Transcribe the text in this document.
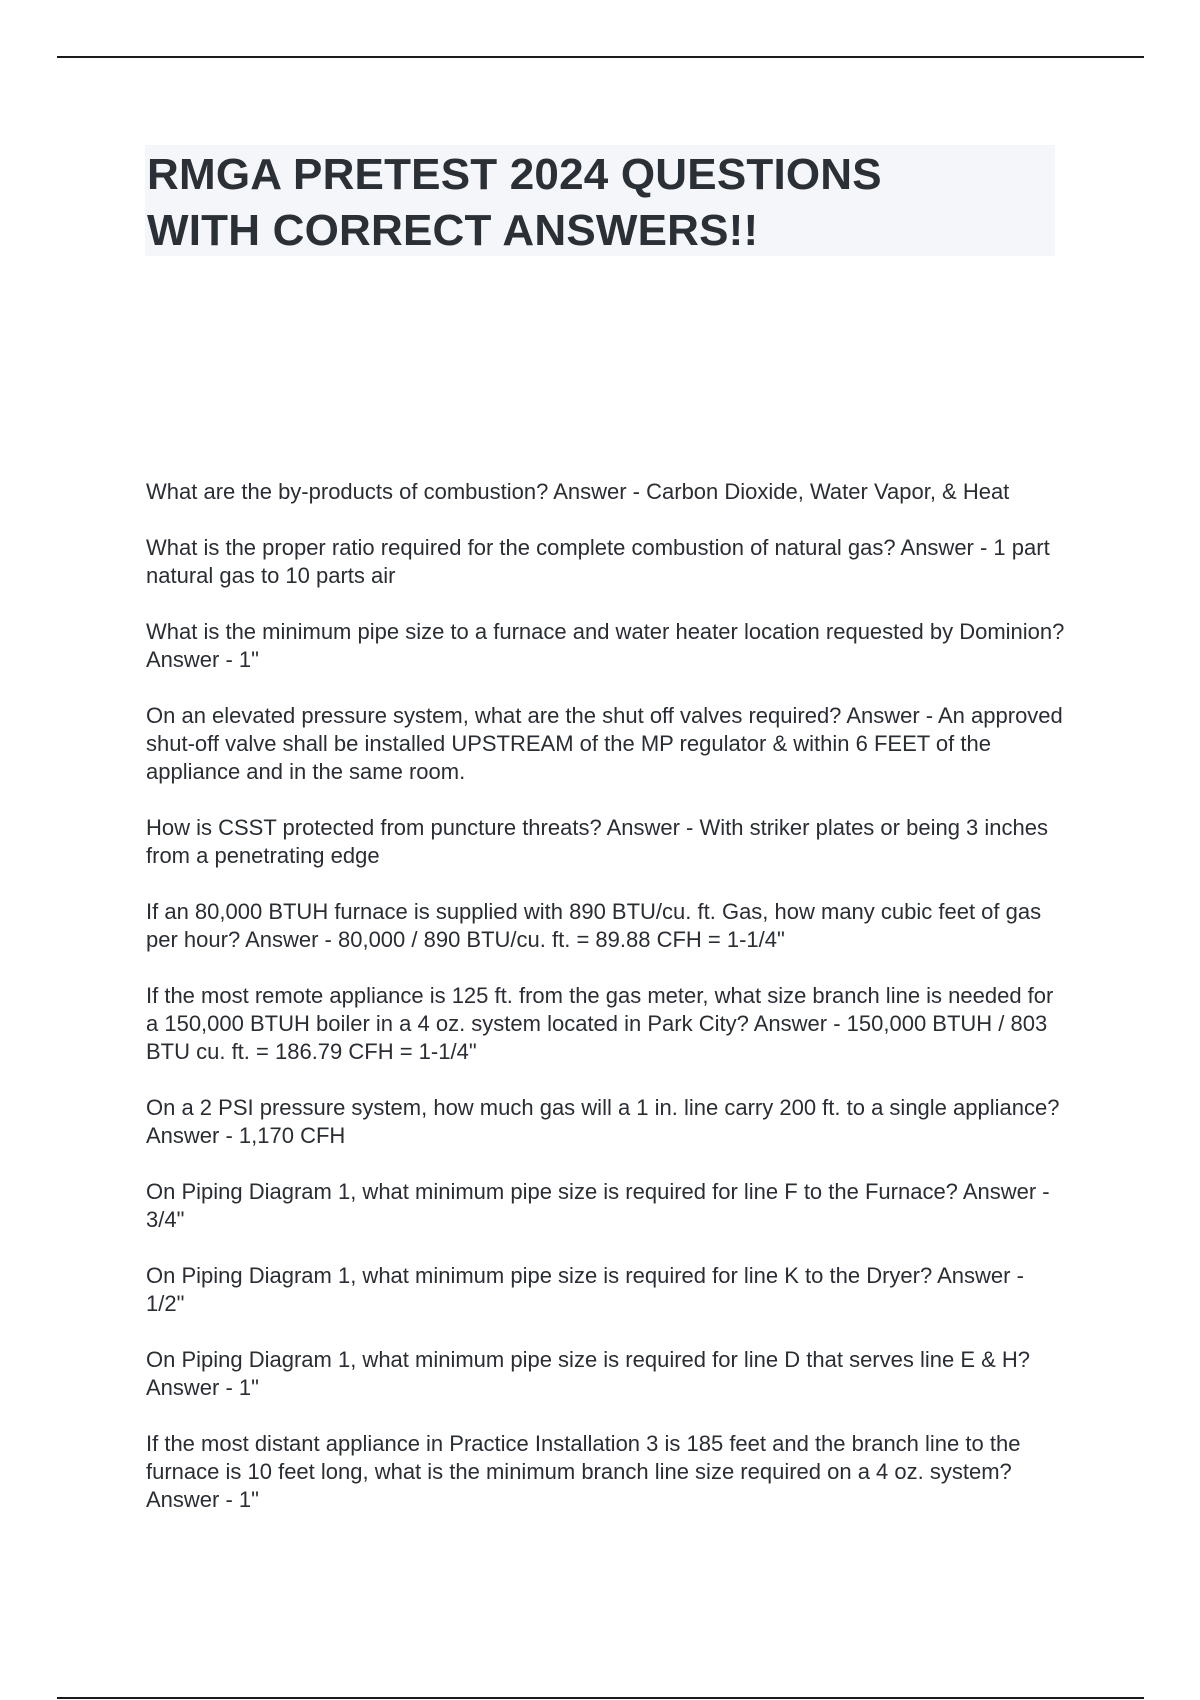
RMGA PRETEST 2024 QUESTIONS
WITH CORRECT ANSWERS!!

What are the by-products of combustion? Answer - Carbon Dioxide, Water Vapor, & Heat

What is the proper ratio required for the complete combustion of natural gas? Answer - 1 part natural gas to 10 parts air

What is the minimum pipe size to a furnace and water heater location requested by Dominion? Answer - 1"

On an elevated pressure system, what are the shut off valves required? Answer - An approved shut-off valve shall be installed UPSTREAM of the MP regulator & within 6 FEET of the appliance and in the same room.

How is CSST protected from puncture threats? Answer - With striker plates or being 3 inches from a penetrating edge

If an 80,000 BTUH furnace is supplied with 890 BTU/cu. ft. Gas, how many cubic feet of gas per hour? Answer - 80,000 / 890 BTU/cu. ft. = 89.88 CFH = 1-1/4"

If the most remote appliance is 125 ft. from the gas meter, what size branch line is needed for a 150,000 BTUH boiler in a 4 oz. system located in Park City? Answer - 150,000 BTUH / 803 BTU cu. ft. = 186.79 CFH = 1-1/4"

On a 2 PSI pressure system, how much gas will a 1 in. line carry 200 ft. to a single appliance? Answer - 1,170 CFH

On Piping Diagram 1, what minimum pipe size is required for line F to the Furnace? Answer - 3/4"

On Piping Diagram 1, what minimum pipe size is required for line K to the Dryer? Answer - 1/2"

On Piping Diagram 1, what minimum pipe size is required for line D that serves line E & H? Answer - 1"

If the most distant appliance in Practice Installation 3 is 185 feet and the branch line to the furnace is 10 feet long, what is the minimum branch line size required on a 4 oz. system? Answer - 1"
